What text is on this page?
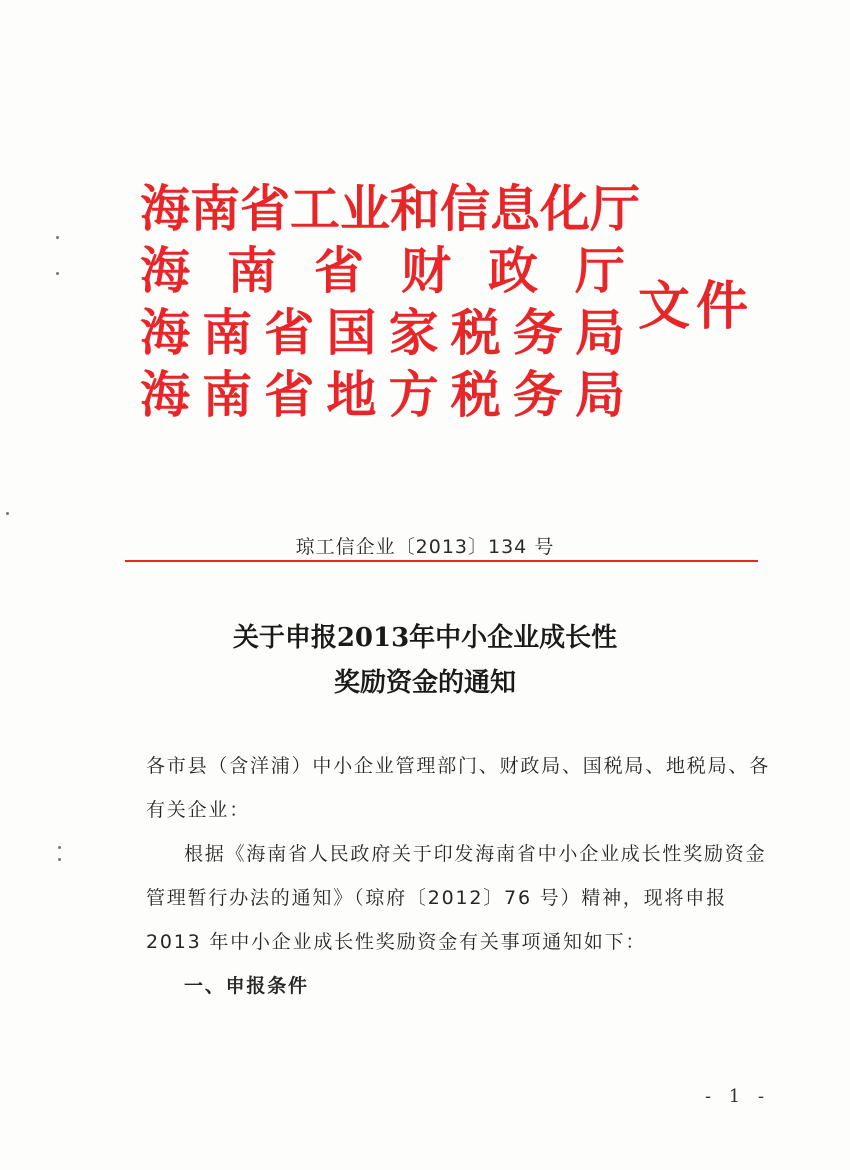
海 南 省 工 业 和 信 息 化 厅
海 南 省 财 政 厅
海 南 省 国 家 税 务 局
海 南 省 地 方 税 务 局
文件
琼工信企业〔2013〕134 号
关于申报2013年中小企业成长性
奖励资金的通知

各市县（含洋浦）中小企业管理部门、财政局、国税局、地税局、各有关企业：

根据《海南省人民政府关于印发海南省中小企业成长性奖励资金管理暂行办法的通知》（琼府〔2012〕76 号）精神，现将申报 2013 年中小企业成长性奖励资金有关事项通知如下：

一、申报条件

- 1 -
